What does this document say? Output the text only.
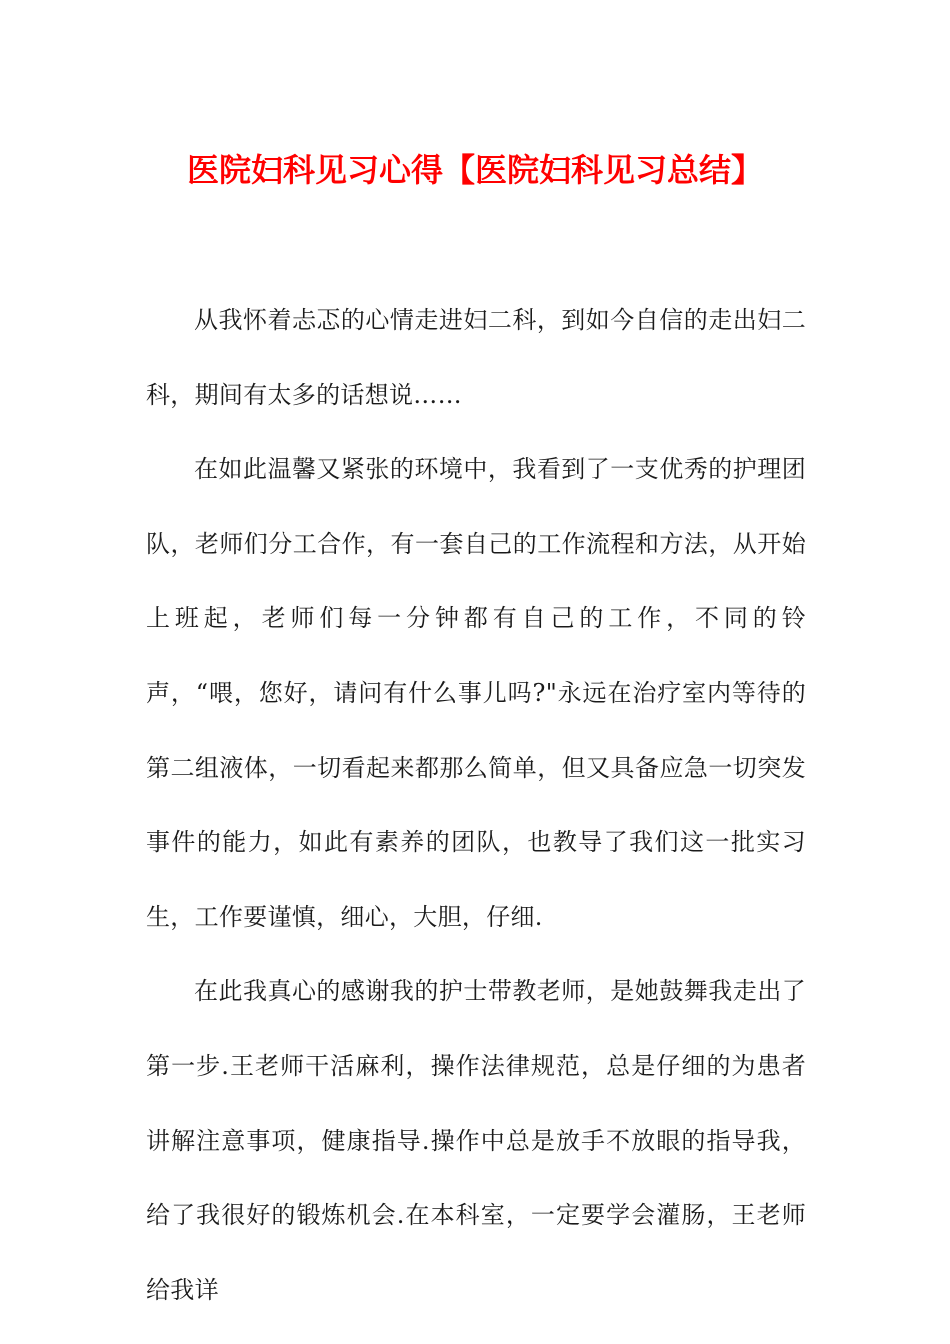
医院妇科见习心得【医院妇科见习总结】

从我怀着忐忑的心情走进妇二科，到如今自信的走出妇二科，期间有太多的话想说……

在如此温馨又紧张的环境中，我看到了一支优秀的护理团队，老师们分工合作，有一套自己的工作流程和方法，从开始上班起，老师们每一分钟都有自己的工作，不同的铃声，“喂，您好，请问有什么事儿吗?"永远在治疗室内等待的第二组液体，一切看起来都那么简单，但又具备应急一切突发事件的能力，如此有素养的团队，也教导了我们这一批实习生，工作要谨慎，细心，大胆，仔细.

在此我真心的感谢我的护士带教老师，是她鼓舞我走出了第一步.王老师干活麻利，操作法律规范，总是仔细的为患者讲解注意事项，健康指导.操作中总是放手不放眼的指导我，给了我很好的锻炼机会.在本科室，一定要学会灌肠，王老师给我详
